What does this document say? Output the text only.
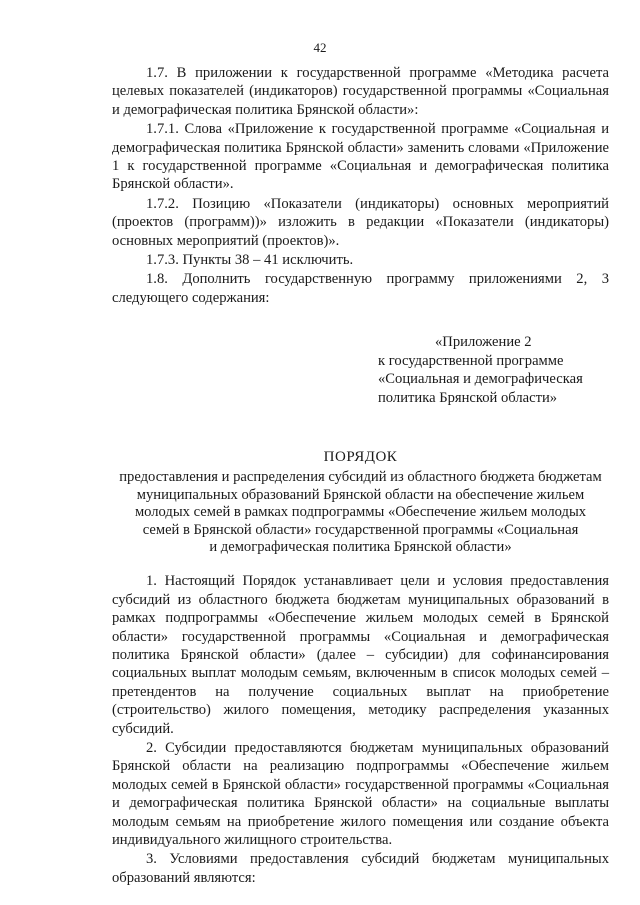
42

1.7. В приложении к государственной программе «Методика расчета целевых показателей (индикаторов) государственной программы «Социальная и демографическая политика Брянской области»:

1.7.1. Слова «Приложение к государственной программе «Социальная и демографическая политика Брянской области» заменить словами «Приложение 1 к государственной программе «Социальная и демографическая политика Брянской области».

1.7.2. Позицию «Показатели (индикаторы) основных мероприятий (проектов (программ))» изложить в редакции «Показатели (индикаторы) основных мероприятий (проектов)».

1.7.3. Пункты 38 – 41 исключить.

1.8. Дополнить государственную программу приложениями 2, 3 следующего содержания:

«Приложение 2
к государственной программе
«Социальная и демографическая
политика Брянской области»
ПОРЯДОК
предоставления и распределения субсидий из областного бюджета бюджетам
муниципальных образований Брянской области на обеспечение жильем
молодых семей в рамках подпрограммы «Обеспечение жильем молодых
семей в Брянской области» государственной программы «Социальная
и демографическая политика Брянской области»

1. Настоящий Порядок устанавливает цели и условия предоставления субсидий из областного бюджета бюджетам муниципальных образований в рамках подпрограммы «Обеспечение жильем молодых семей в Брянской области» государственной программы «Социальная и демографическая политика Брянской области» (далее – субсидии) для софинансирования социальных выплат молодым семьям, включенным в список молодых семей – претендентов на получение социальных выплат на приобретение (строительство) жилого помещения, методику распределения указанных субсидий.

2. Субсидии предоставляются бюджетам муниципальных образований Брянской области на реализацию подпрограммы «Обеспечение жильем молодых семей в Брянской области» государственной программы «Социальная и демографическая политика Брянской области» на социальные выплаты молодым семьям на приобретение жилого помещения или создание объекта индивидуального жилищного строительства.

3. Условиями предоставления субсидий бюджетам муниципальных образований являются:
